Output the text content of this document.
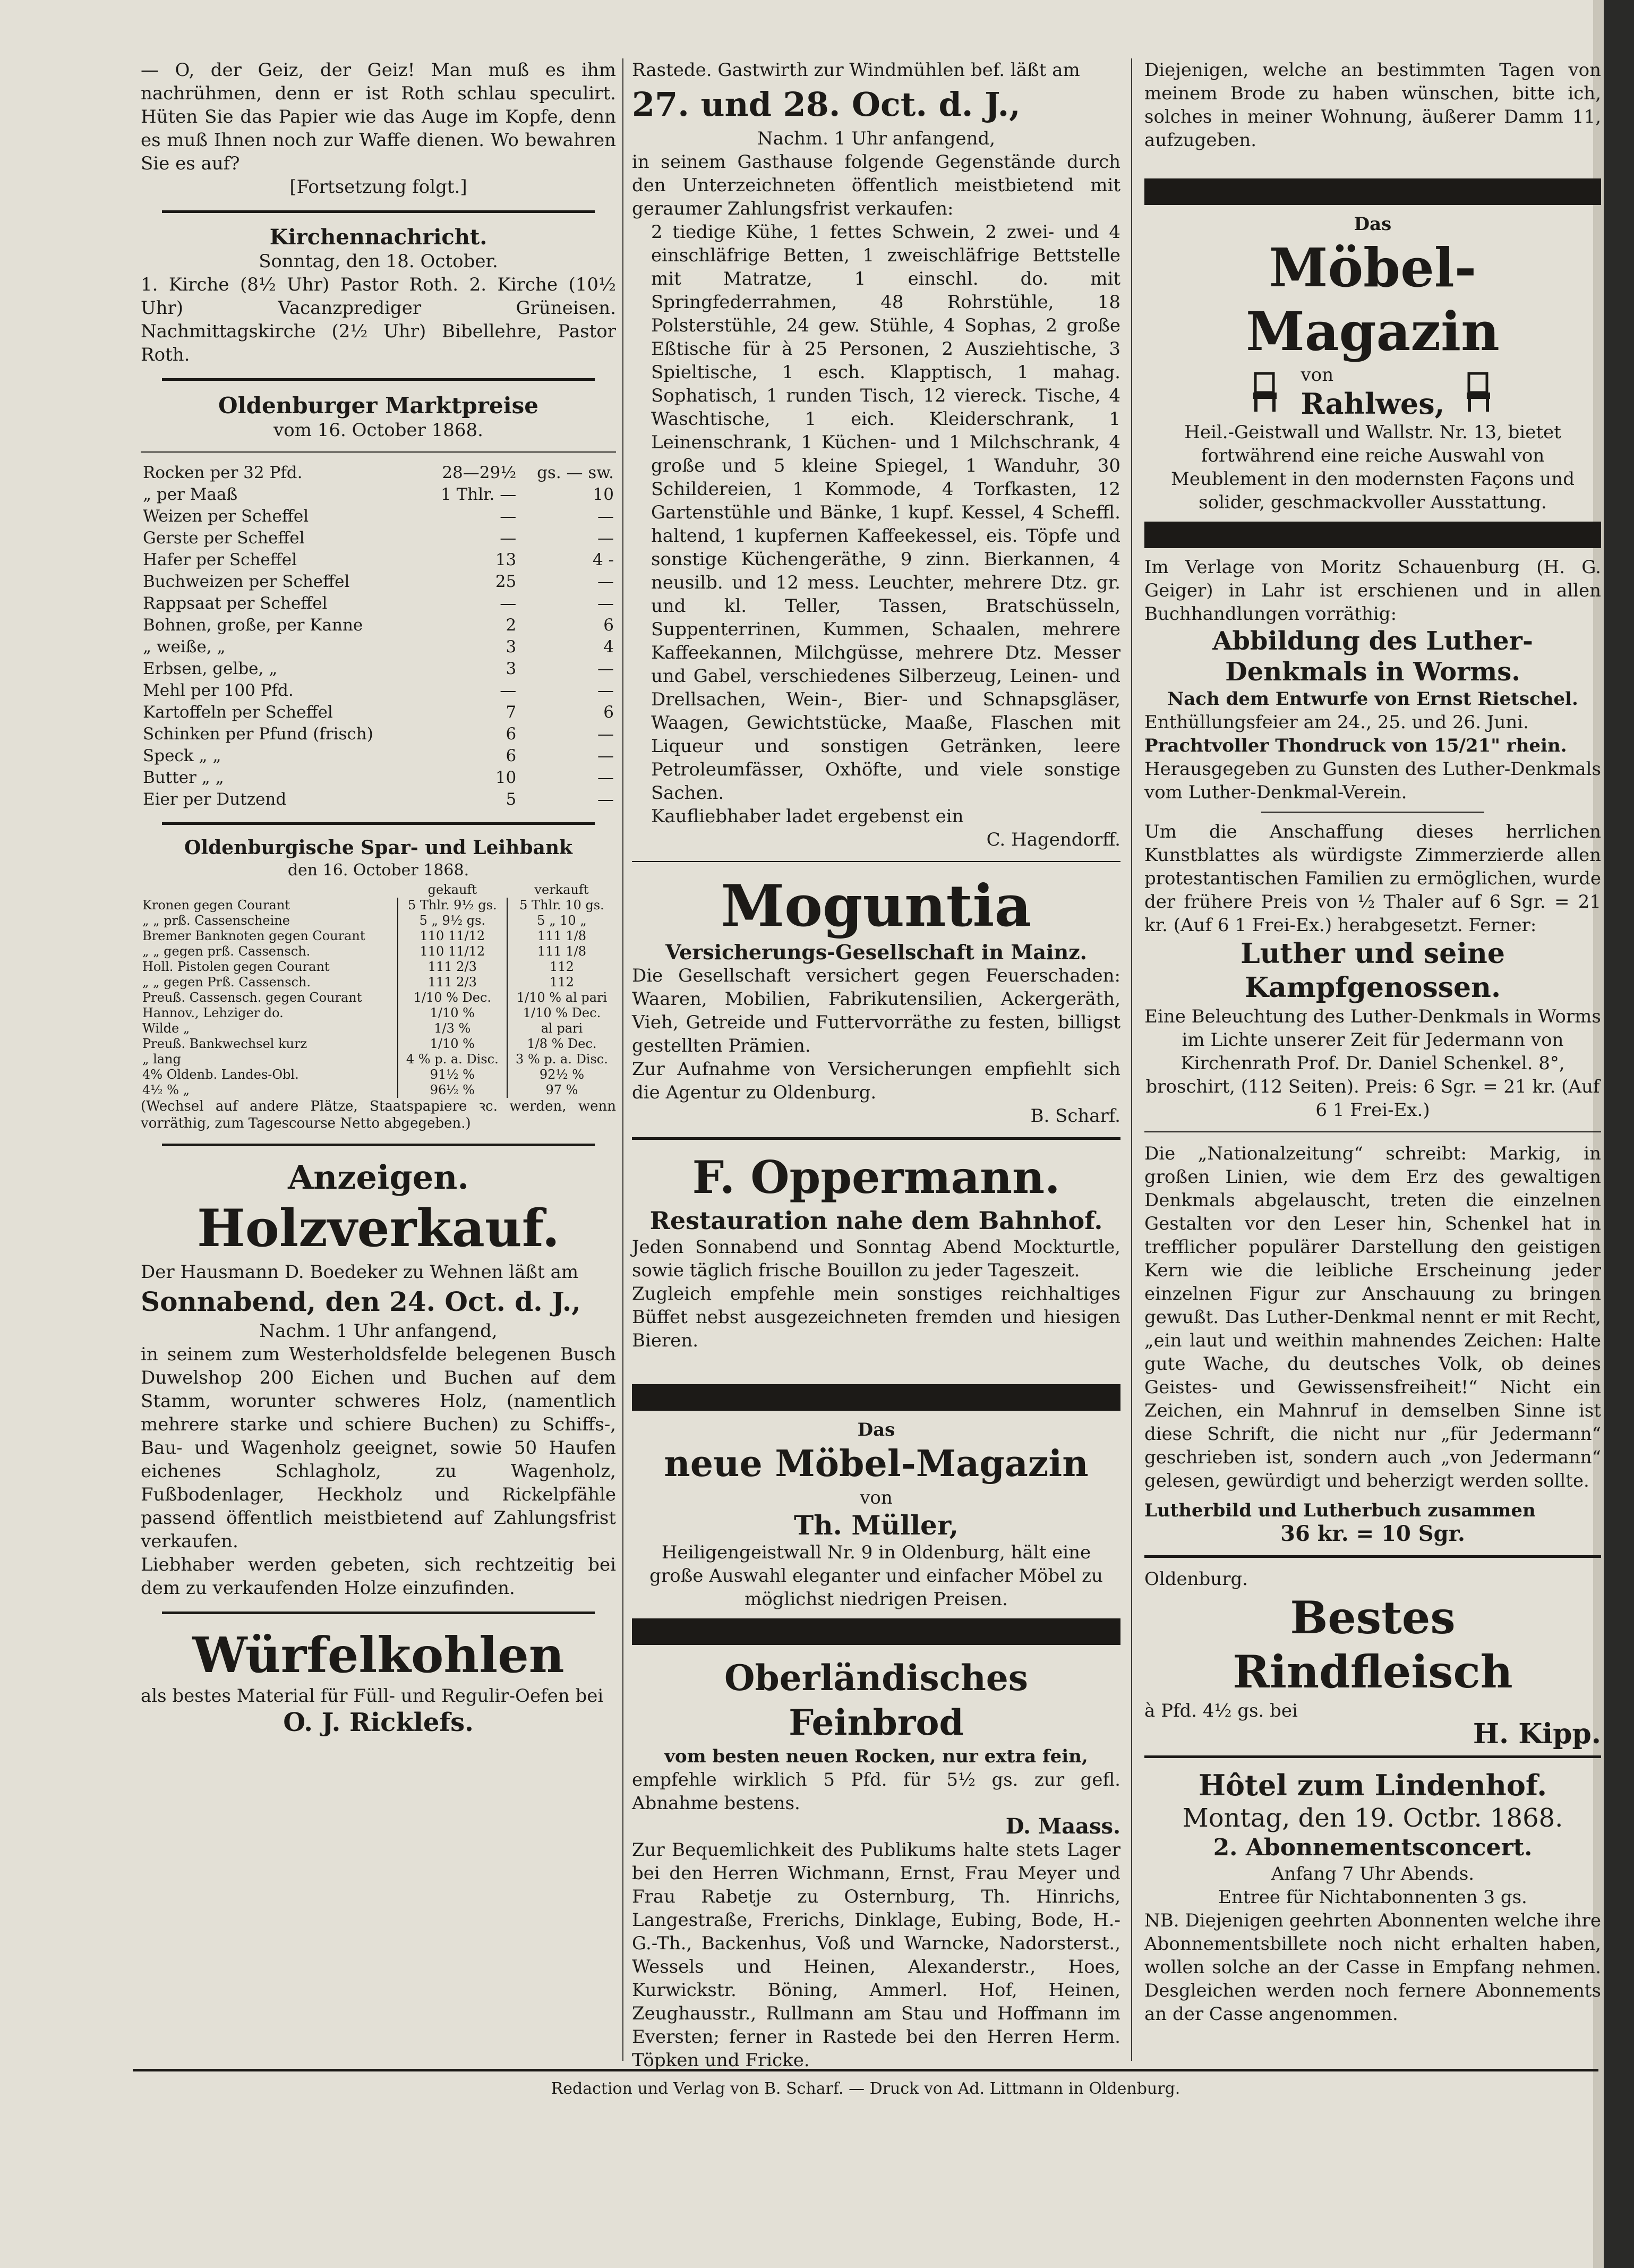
— O, der Geiz, der Geiz! Man muß es ihm nachrühmen, denn er ist Roth schlau speculirt. Hüten Sie das Papier wie das Auge im Kopfe, denn es muß Ihnen noch zur Waffe dienen. Wo bewahren Sie es auf?

[Fortsetzung folgt.]

Kirchennachricht.

Sonntag, den 18. October.

1. Kirche (8½ Uhr) Pastor Roth. 2. Kirche (10½ Uhr) Vacanzprediger Grüneisen. Nachmittagskirche (2½ Uhr) Bibellehre, Pastor Roth.

Oldenburger Marktpreise

vom 16. October 1868.

Rocken per 32 Pfd.	28—29½	gs. — sw.
„ per Maaß	1 Thlr. —	10
Weizen per Scheffel	—	—
Gerste per Scheffel	—	—
Hafer per Scheffel	13	4 -
Buchweizen per Scheffel	25	—
Rappsaat per Scheffel	—	—
Bohnen, große, per Kanne	2	6
„ weiße, „	3	4
Erbsen, gelbe, „	3	—
Mehl per 100 Pfd.	—	—
Kartoffeln per Scheffel	7	6
Schinken per Pfund (frisch)	6	—
Speck „ „	6	—
Butter „ „	10	—
Eier per Dutzend	5	—

Oldenburgische Spar- und Leihbank

den 16. October 1868.

	gekauft	verkauft
Kronen gegen Courant	5 Thlr. 9½ gs.	5 Thlr. 10 gs.
„ „ prß. Cassenscheine	5 „ 9½ gs.	5 „ 10 „
Bremer Banknoten gegen Courant	110 11/12	111 1/8
„ „ gegen prß. Cassensch.	110 11/12	111 1/8
Holl. Pistolen gegen Courant	111 2/3	112
„ „ gegen Prß. Cassensch.	111 2/3	112
Preuß. Cassensch. gegen Courant	1/10 % Dec.	1/10 % al pari
Hannov., Lehziger do.	1/10 %	1/10 % Dec.
Wilde „	1/3 %	al pari
Preuß. Bankwechsel kurz	1/10 %	1/8 % Dec.
„ lang	4 % p. a. Disc.	3 % p. a. Disc.
4% Oldenb. Landes-Obl.	91½ %	92½ %
4½ % „	96½ %	97 %

(Wechsel auf andere Plätze, Staatspapiere ꝛc. werden, wenn vorräthig, zum Tagescourse Netto abgegeben.)

Anzeigen.

Holzverkauf.

Der Hausmann D. Boedeker zu Wehnen läßt am

Sonnabend, den 24. Oct. d. J.,

Nachm. 1 Uhr anfangend,

in seinem zum Westerholdsfelde belegenen Busch Duwelshop 200 Eichen und Buchen auf dem Stamm, worunter schweres Holz, (namentlich mehrere starke und schiere Buchen) zu Schiffs-, Bau- und Wagenholz geeignet, sowie 50 Haufen eichenes Schlagholz, zu Wagenholz, Fußbodenlager, Heckholz und Rickelpfähle passend öffentlich meistbietend auf Zahlungsfrist verkaufen.

Liebhaber werden gebeten, sich rechtzeitig bei dem zu verkaufenden Holze einzufinden.

Würfelkohlen

als bestes Material für Füll- und Regulir-Oefen bei

O. J. Ricklefs.

Rastede. Gastwirth zur Windmühlen bef. läßt am

27. und 28. Oct. d. J.,

Nachm. 1 Uhr anfangend,

in seinem Gasthause folgende Gegenstände durch den Unterzeichneten öffentlich meistbietend mit geraumer Zahlungsfrist verkaufen:

2 tiedige Kühe, 1 fettes Schwein, 2 zwei- und 4 einschläfrige Betten, 1 zweischläfrige Bettstelle mit Matratze, 1 einschl. do. mit Springfederrahmen, 48 Rohrstühle, 18 Polsterstühle, 24 gew. Stühle, 4 Sophas, 2 große Eßtische für à 25 Personen, 2 Ausziehtische, 3 Spieltische, 1 esch. Klapptisch, 1 mahag. Sophatisch, 1 runden Tisch, 12 viereck. Tische, 4 Waschtische, 1 eich. Kleiderschrank, 1 Leinenschrank, 1 Küchen- und 1 Milchschrank, 4 große und 5 kleine Spiegel, 1 Wanduhr, 30 Schildereien, 1 Kommode, 4 Torfkasten, 12 Gartenstühle und Bänke, 1 kupf. Kessel, 4 Scheffl. haltend, 1 kupfernen Kaffeekessel, eis. Töpfe und sonstige Küchengeräthe, 9 zinn. Bierkannen, 4 neusilb. und 12 mess. Leuchter, mehrere Dtz. gr. und kl. Teller, Tassen, Bratschüsseln, Suppenterrinen, Kummen, Schaalen, mehrere Kaffeekannen, Milchgüsse, mehrere Dtz. Messer und Gabel, verschiedenes Silberzeug, Leinen- und Drellsachen, Wein-, Bier- und Schnapsgläser, Waagen, Gewichtstücke, Maaße, Flaschen mit Liqueur und sonstigen Getränken, leere Petroleumfässer, Oxhöfte, und viele sonstige Sachen.

Kaufliebhaber ladet ergebenst ein

C. Hagendorff.

Moguntia

Versicherungs-Gesellschaft in Mainz.

Die Gesellschaft versichert gegen Feuerschaden: Waaren, Mobilien, Fabrikutensilien, Ackergeräth, Vieh, Getreide und Futtervorräthe zu festen, billigst gestellten Prämien.

Zur Aufnahme von Versicherungen empfiehlt sich die Agentur zu Oldenburg.

B. Scharf.

F. Oppermann.

Restauration nahe dem Bahnhof.

Jeden Sonnabend und Sonntag Abend Mockturtle, sowie täglich frische Bouillon zu jeder Tageszeit.

Zugleich empfehle mein sonstiges reichhaltiges Büffet nebst ausgezeichneten fremden und hiesigen Bieren.

Das

neue Möbel-Magazin

von

Th. Müller,

Heiligengeistwall Nr. 9 in Oldenburg, hält eine große Auswahl eleganter und einfacher Möbel zu möglichst niedrigen Preisen.

Oberländisches Feinbrod

vom besten neuen Rocken, nur extra fein,

empfehle wirklich 5 Pfd. für 5½ gs. zur gefl. Abnahme bestens.

D. Maass.

Zur Bequemlichkeit des Publikums halte stets Lager bei den Herren Wichmann, Ernst, Frau Meyer und Frau Rabetje zu Osternburg, Th. Hinrichs, Langestraße, Frerichs, Dinklage, Eubing, Bode, H.-G.-Th., Backenhus, Voß und Warncke, Nadorsterst., Wessels und Heinen, Alexanderstr., Hoes, Kurwickstr. Böning, Ammerl. Hof, Heinen, Zeughausstr., Rullmann am Stau und Hoffmann im Everstеn; ferner in Rastede bei den Herren Herm. Töpken und Fricke.

Diejenigen, welche an bestimmten Tagen von meinem Brode zu haben wünschen, bitte ich, solches in meiner Wohnung, äußerer Damm 11, aufzugeben.

Das

Möbel-Magazin

von
Rahlwes,

Heil.-Geistwall und Wallstr. Nr. 13, bietet fortwährend eine reiche Auswahl von Meublement in den modernsten Façons und solider, geschmackvoller Ausstattung.

Im Verlage von Moritz Schauenburg (H. G. Geiger) in Lahr ist erschienen und in allen Buchhandlungen vorräthig:

Abbildung des Luther-Denkmals in Worms.

Nach dem Entwurfe von Ernst Rietschel.

Enthüllungsfeier am 24., 25. und 26. Juni.

Prachtvoller Thondruck von 15/21" rhein.

Herausgegeben zu Gunsten des Luther-Denkmals vom Luther-Denkmal-Verein.

Um die Anschaffung dieses herrlichen Kunstblattes als würdigste Zimmerzierde allen protestantischen Familien zu ermöglichen, wurde der frühere Preis von ½ Thaler auf 6 Sgr. = 21 kr. (Auf 6 1 Frei-Ex.) herabgesetzt. Ferner:

Luther und seine Kampfgenossen.

Eine Beleuchtung des Luther-Denkmals in Worms im Lichte unserer Zeit für Jedermann von Kirchenrath Prof. Dr. Daniel Schenkel. 8°, broschirt, (112 Seiten). Preis: 6 Sgr. = 21 kr. (Auf 6 1 Frei-Ex.)

Die „Nationalzeitung“ schreibt: Markig, in großen Linien, wie dem Erz des gewaltigen Denkmals abgelauscht, treten die einzelnen Gestalten vor den Leser hin, Schenkel hat in trefflicher populärer Darstellung den geistigen Kern wie die leibliche Erscheinung jeder einzelnen Figur zur Anschauung zu bringen gewußt. Das Luther-Denkmal nennt er mit Recht, „ein laut und weithin mahnendes Zeichen: Halte gute Wache, du deutsches Volk, ob deines Geistes- und Gewissensfreiheit!“ Nicht ein Zeichen, ein Mahnruf in demselben Sinne ist diese Schrift, die nicht nur „für Jedermann“ geschrieben ist, sondern auch „von Jedermann“ gelesen, gewürdigt und beherzigt werden sollte.

Lutherbild und Lutherbuch zusammen

36 kr. = 10 Sgr.

Oldenburg.

Bestes Rindfleisch

à Pfd. 4½ gs. bei

H. Kipp.

Hôtel zum Lindenhof.

Montag, den 19. Octbr. 1868.

2. Abonnementsconcert.

Anfang 7 Uhr Abends.

Entree für Nichtabonnenten 3 gs.

NB. Diejenigen geehrten Abonnenten welche ihre Abonnementsbillete noch nicht erhalten haben, wollen solche an der Casse in Empfang nehmen. Desgleichen werden noch fernere Abonnements an der Casse angenommen.

Redaction und Verlag von B. Scharf. — Druck von Ad. Littmann in Oldenburg.
